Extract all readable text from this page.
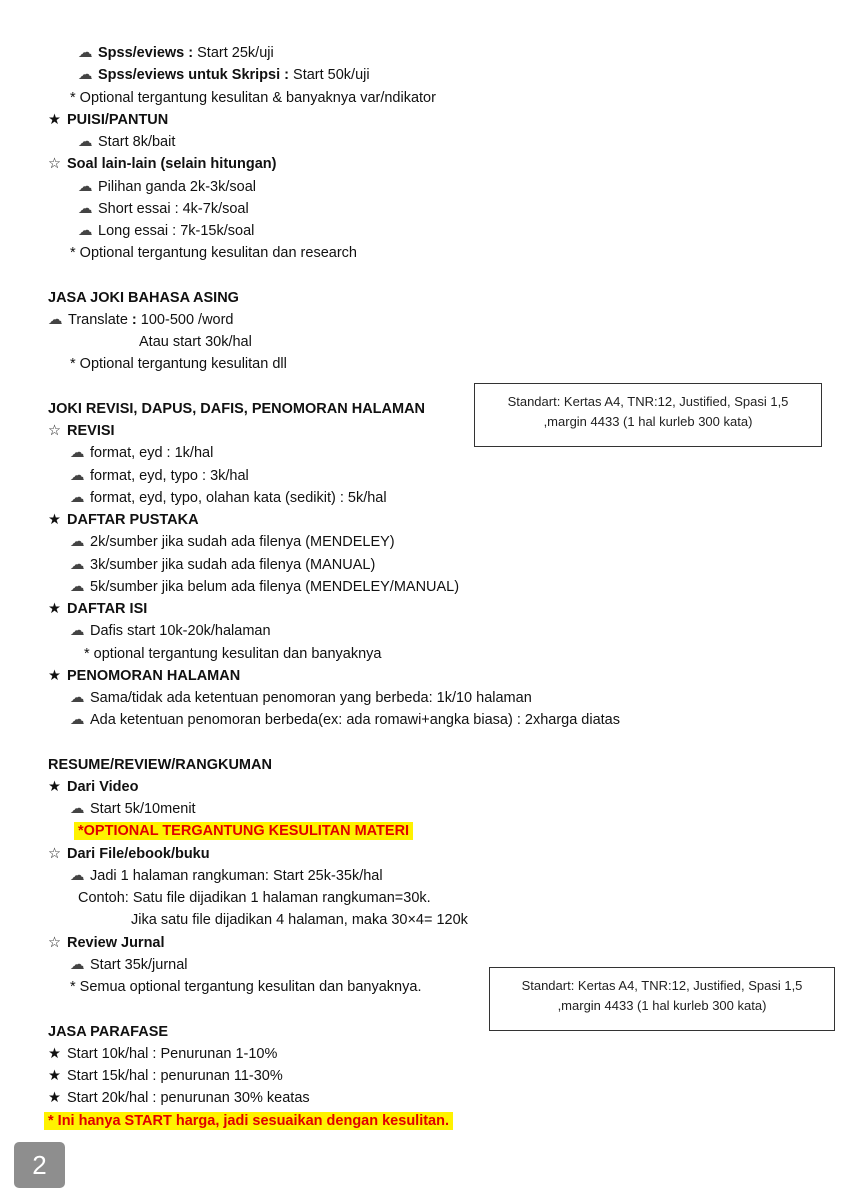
☁ Spss/eviews : Start 25k/uji
☁ Spss/eviews untuk Skripsi : Start 50k/uji
* Optional tergantung kesulitan & banyaknya var/ndikator
★ PUISI/PANTUN
☁ Start 8k/bait
☆ Soal lain-lain (selain hitungan)
☁ Pilihan ganda 2k-3k/soal
☁ Short essai : 4k-7k/soal
☁ Long essai : 7k-15k/soal
* Optional tergantung kesulitan dan research
JASA JOKI BAHASA ASING
☁ Translate : 100-500 /word
Atau start 30k/hal
* Optional tergantung kesulitan dll
Standart: Kertas A4, TNR:12, Justified, Spasi 1,5
,margin 4433 (1 hal kurleb 300 kata)
JOKI REVISI, DAPUS, DAFIS, PENOMORAN HALAMAN
☆ REVISI
☁ format, eyd : 1k/hal
☁ format, eyd, typo : 3k/hal
☁ format, eyd, typo, olahan kata (sedikit) : 5k/hal
★ DAFTAR PUSTAKA
☁ 2k/sumber jika sudah ada filenya (MENDELEY)
☁ 3k/sumber jika sudah ada filenya (MANUAL)
☁ 5k/sumber jika belum ada filenya (MENDELEY/MANUAL)
★ DAFTAR ISI
☁ Dafis start 10k-20k/halaman
* optional tergantung kesulitan dan banyaknya
★ PENOMORAN HALAMAN
☁ Sama/tidak ada ketentuan penomoran yang berbeda: 1k/10 halaman
☁ Ada ketentuan penomoran berbeda(ex: ada romawi+angka biasa) : 2xharga diatas
RESUME/REVIEW/RANGKUMAN
★ Dari Video
☁ Start 5k/10menit
*OPTIONAL TERGANTUNG KESULITAN MATERI
☆ Dari File/ebook/buku
☁ Jadi 1 halaman rangkuman: Start 25k-35k/hal
Contoh: Satu file dijadikan 1 halaman rangkuman=30k.
Jika satu file dijadikan 4 halaman, maka 30×4= 120k
☆ Review Jurnal
☁ Start 35k/jurnal
* Semua optional tergantung kesulitan dan banyaknya.	Standart: Kertas A4, TNR:12, Justified, Spasi 1,5
,margin 4433 (1 hal kurleb 300 kata)
JASA PARAFASE
★ Start 10k/hal : Penurunan 1-10%
★ Start 15k/hal : penurunan 11-30%
★ Start 20k/hal : penurunan 30% keatas
* Ini hanya START harga, jadi sesuaikan dengan kesulitan.
2
